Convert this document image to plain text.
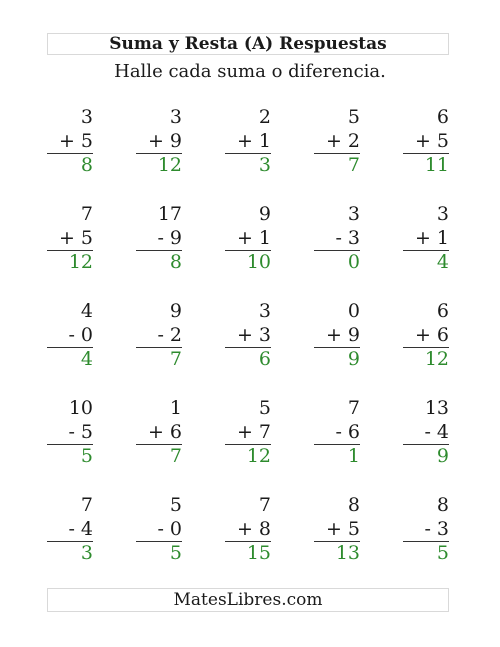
Suma y Resta (A) Respuestas
Halle cada suma o diferencia.
3
+ 5
8
3
+ 9
12
2
+ 1
3
5
+ 2
7
6
+ 5
11
7
+ 5
12
17
- 9
8
9
+ 1
10
3
- 3
0
3
+ 1
4
4
- 0
4
9
- 2
7
3
+ 3
6
0
+ 9
9
6
+ 6
12
10
- 5
5
1
+ 6
7
5
+ 7
12
7
- 6
1
13
- 4
9
7
- 4
3
5
- 0
5
7
+ 8
15
8
+ 5
13
8
- 3
5
MatesLibres.com
